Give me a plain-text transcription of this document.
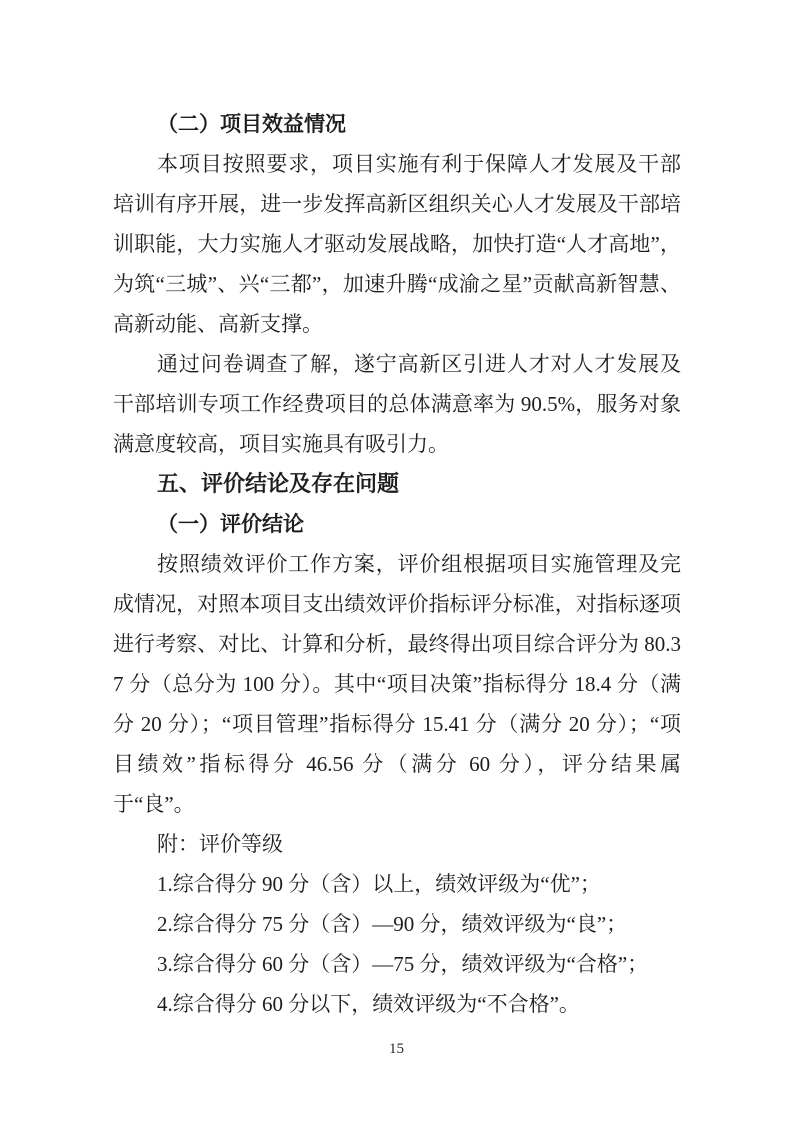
（二）项目效益情况

本项目按照要求，项目实施有利于保障人才发展及干部培训有序开展，进一步发挥高新区组织关心人才发展及干部培训职能，大力实施人才驱动发展战略，加快打造“人才高地”，为筑“三城”、兴“三都”，加速升腾“成渝之星”贡献高新智慧、高新动能、高新支撑。

通过问卷调查了解，遂宁高新区引进人才对人才发展及干部培训专项工作经费项目的总体满意率为 90.5%，服务对象满意度较高，项目实施具有吸引力。

五、评价结论及存在问题

（一）评价结论

按照绩效评价工作方案，评价组根据项目实施管理及完成情况，对照本项目支出绩效评价指标评分标准，对指标逐项进行考察、对比、计算和分析，最终得出项目综合评分为 80.37 分（总分为 100 分）。其中“项目决策”指标得分 18.4 分（满分 20 分）；“项目管理”指标得分 15.41 分（满分 20 分）；“项目绩效”指标得分 46.56 分（满分 60 分），评分结果属于“良”。

附：评价等级

1.综合得分 90 分（含）以上，绩效评级为“优”；

2.综合得分 75 分（含）—90 分，绩效评级为“良”；

3.综合得分 60 分（含）—75 分，绩效评级为“合格”；

4.综合得分 60 分以下，绩效评级为“不合格”。

15
